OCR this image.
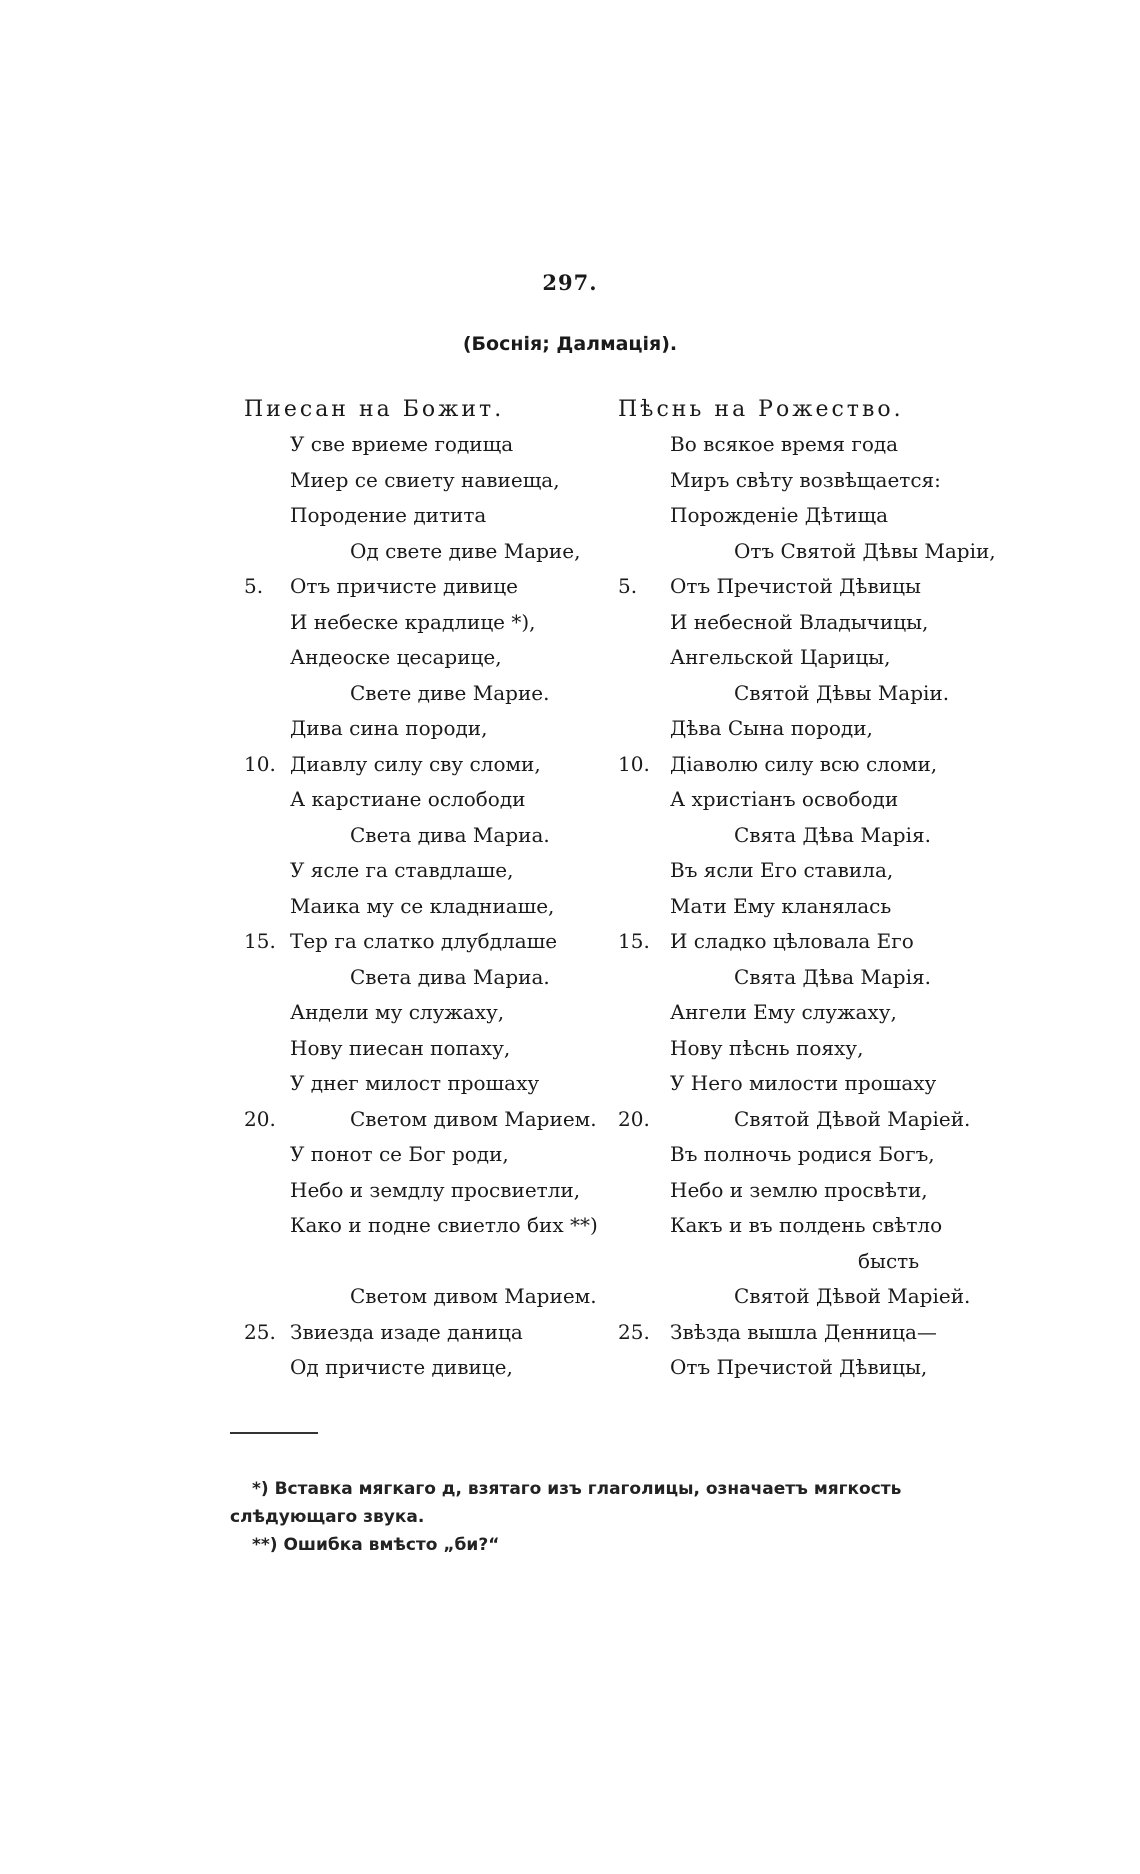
297.
(Боснія; Далмація).
Пиесан на Божит.
У све вриеме годища
Миер се свиету навиеща,
Породение дитита
Од свете диве Марие,
5.	Отъ причисте дивице
И небеске крадлице *),
Андеоске цесарице,
Свете диве Марие.
Дива сина породи,
10. Диавлу силу сву слoми,
А карстиане ослободи
Света дива Мариа.
У ясле га ставдлаше,
Маика му се кладниаше,
15. Тер га слатко длубдлаше
Света дива Мариа.
Андели му служаху,
Нову пиесан попаху,
У днег милост прошаху
20.	Светом дивом Марием.
У понот се Бог роди,
Небо и земдлу просвиетли,
Како и подне свиетло бих **)
Светом дивом Марием.
25. Звиезда изаде даница
Од причисте дивице,
Пѣснь на Рожество.
Во всякое время года
Миръ свѣту возвѣщается:
Порожденіе Дѣтища
Отъ Святой Дѣвы Маріи,
5.	Отъ Пречистой Дѣвицы
И небесной Владычицы,
Ангельской Царицы,
Святой Дѣвы Маріи.
Дѣва Сына породи,
10.	Діаволю силу всю сломи,
А христіанъ освободи
Свята Дѣва Марія.
Въ ясли Его ставила,
Мати Ему кланялась
15.	И сладко цѣловала Его
Свята Дѣва Марія.
Ангели Ему служаху,
Нову пѣснь пояху,
У Него милости прошаху
20.	Святой Дѣвой Маріей.
Въ полночь родися Богъ,
Небо и землю просвѣти,
Какъ и въ полдень свѣтло
бысть
Святой Дѣвой Маріей.
25.	Звѣзда вышла Денница—
Отъ Пречистой Дѣвицы,
*) Вставка мягкаго д, взятаго изъ глаголицы, означаетъ мягкость слѣдующаго звука.
**) Ошибка вмѣсто „би?“
